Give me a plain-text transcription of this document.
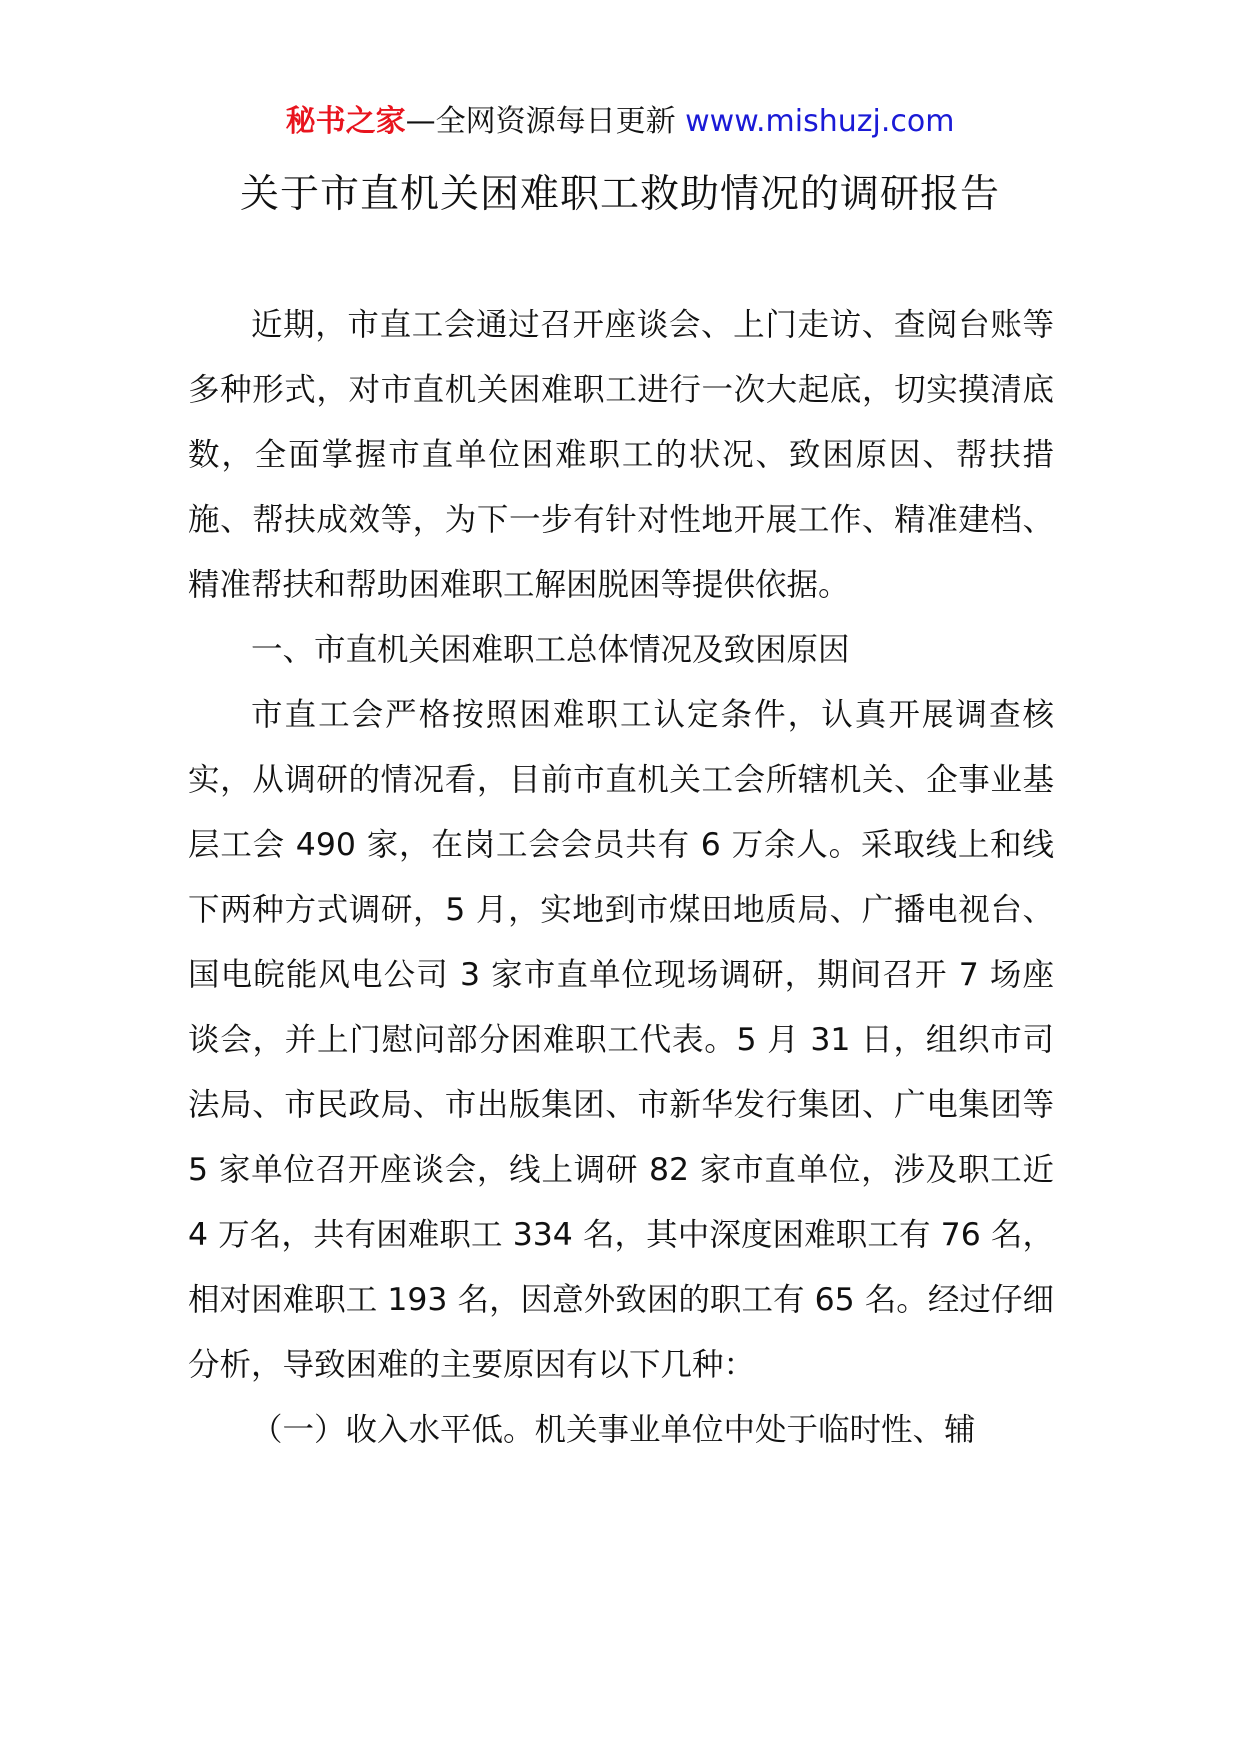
秘书之家—全网资源每日更新 www.mishuzj.com
关于市直机关困难职工救助情况的调研报告

近期，市直工会通过召开座谈会、上门走访、查阅台账等多种形式，对市直机关困难职工进行一次大起底，切实摸清底数，全面掌握市直单位困难职工的状况、致困原因、帮扶措施、帮扶成效等，为下一步有针对性地开展工作、精准建档、精准帮扶和帮助困难职工解困脱困等提供依据。

一、市直机关困难职工总体情况及致困原因

市直工会严格按照困难职工认定条件，认真开展调查核实，从调研的情况看，目前市直机关工会所辖机关、企事业基层工会 490 家，在岗工会会员共有 6 万余人。采取线上和线下两种方式调研，5 月，实地到市煤田地质局、广播电视台、国电皖能风电公司 3 家市直单位现场调研，期间召开 7 场座谈会，并上门慰问部分困难职工代表。5 月 31 日，组织市司法局、市民政局、市出版集团、市新华发行集团、广电集团等 5 家单位召开座谈会，线上调研 82 家市直单位，涉及职工近 4 万名，共有困难职工 334 名，其中深度困难职工有 76 名，相对困难职工 193 名，因意外致困的职工有 65 名。经过仔细分析，导致困难的主要原因有以下几种：

（一）收入水平低。机关事业单位中处于临时性、辅
